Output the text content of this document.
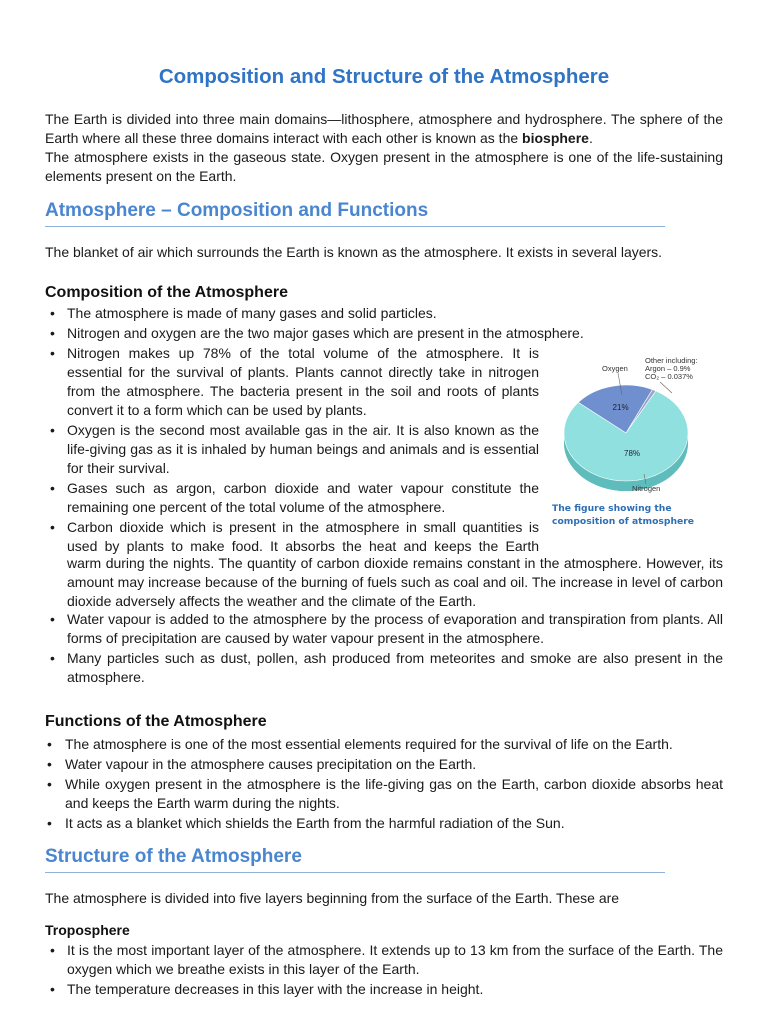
Composition and Structure of the Atmosphere
The Earth is divided into three main domains—lithosphere, atmosphere and hydrosphere. The sphere of the Earth where all these three domains interact with each other is known as the biosphere.
The atmosphere exists in the gaseous state. Oxygen present in the atmosphere is one of the life-sustaining elements present on the Earth.
Atmosphere – Composition and Functions
The blanket of air which surrounds the Earth is known as the atmosphere. It exists in several layers.
Composition of the Atmosphere
• The atmosphere is made of many gases and solid particles.
• Nitrogen and oxygen are the two major gases which are present in the atmosphere.
• Nitrogen makes up 78% of the total volume of the atmosphere. It is essential for the survival of plants. Plants cannot directly take in nitrogen from the atmosphere. The bacteria present in the soil and roots of plants convert it to a form which can be used by plants.
• Oxygen is the second most available gas in the air. It is also known as the life-giving gas as it is inhaled by human beings and animals and is essential for their survival.
• Gases such as argon, carbon dioxide and water vapour constitute the remaining one percent of the total volume of the atmosphere.
• Carbon dioxide which is present in the atmosphere in small quantities is used by plants to make food. It absorbs the heat and keeps the Earth
warm during the nights. The quantity of carbon dioxide remains constant in the atmosphere. However, its amount may increase because of the burning of fuels such as coal and oil. The increase in level of carbon dioxide adversely affects the weather and the climate of the Earth.
• Water vapour is added to the atmosphere by the process of evaporation and transpiration from plants. All forms of precipitation are caused by water vapour present in the atmosphere.
• Many particles such as dust, pollen, ash produced from meteorites and smoke are also present in the atmosphere.
78%
21%
Oxygen
Other including:
Argon – 0.9%
CO₂ – 0.037%
Nitrogen
The figure showing the
composition of atmosphere
Functions of the Atmosphere
• The atmosphere is one of the most essential elements required for the survival of life on the Earth.
• Water vapour in the atmosphere causes precipitation on the Earth.
• While oxygen present in the atmosphere is the life-giving gas on the Earth, carbon dioxide absorbs heat and keeps the Earth warm during the nights.
• It acts as a blanket which shields the Earth from the harmful radiation of the Sun.
Structure of the Atmosphere
The atmosphere is divided into five layers beginning from the surface of the Earth. These are
Troposphere
• It is the most important layer of the atmosphere. It extends up to 13 km from the surface of the Earth. The oxygen which we breathe exists in this layer of the Earth.
• The temperature decreases in this layer with the increase in height.
